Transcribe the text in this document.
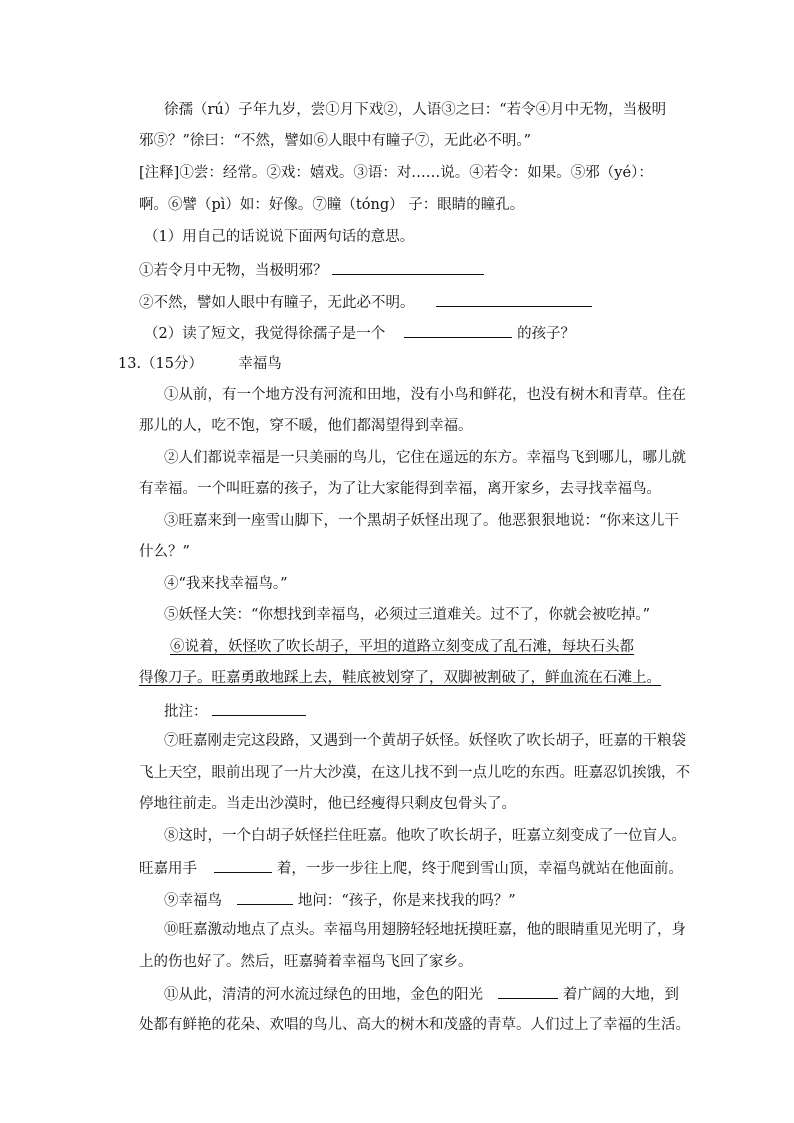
徐孺（rú）子年九岁，尝①月下戏②，人语③之曰：“若令④月中无物，当极明
邪⑤？”徐曰：“不然，譬如⑥人眼中有瞳子⑦，无此必不明。”
[注释]①尝：经常。②戏：嬉戏。③语：对……说。④若令：如果。⑤邪（yé）：
啊。⑥譬（pì）如：好像。⑦瞳（tóng） 子：眼睛的瞳孔。
（1）用自己的话说说下面两句话的意思。
①若令月中无物，当极明邪？
②不然，譬如人眼中有瞳子，无此必不明。
（2）读了短文，我觉得徐孺子是一个	的孩子？
13.（15分） 幸福鸟
①从前，有一个地方没有河流和田地，没有小鸟和鲜花，也没有树木和青草。住在
那儿的人，吃不饱，穿不暖，他们都渴望得到幸福。
②人们都说幸福是一只美丽的鸟儿，它住在遥远的东方。幸福鸟飞到哪儿，哪儿就
有幸福。一个叫旺嘉的孩子，为了让大家能得到幸福，离开家乡，去寻找幸福鸟。
③旺嘉来到一座雪山脚下，一个黑胡子妖怪出现了。他恶狠狠地说：“你来这儿干
什么？”
④“我来找幸福鸟。”
⑤妖怪大笑：“你想找到幸福鸟，必须过三道难关。过不了，你就会被吃掉。”
⑥说着，妖怪吹了吹长胡子，平坦的道路立刻变成了乱石滩，每块石头都
得像刀子。旺嘉勇敢地踩上去，鞋底被划穿了，双脚被割破了，鲜血流在石滩上。
批注：
⑦旺嘉刚走完这段路，又遇到一个黄胡子妖怪。妖怪吹了吹长胡子，旺嘉的干粮袋
飞上天空，眼前出现了一片大沙漠，在这儿找不到一点儿吃的东西。旺嘉忍饥挨饿，不
停地往前走。当走出沙漠时，他已经瘦得只剩皮包骨头了。
⑧这时，一个白胡子妖怪拦住旺嘉。他吹了吹长胡子，旺嘉立刻变成了一位盲人。
旺嘉用手	着，一步一步往上爬，终于爬到雪山顶，幸福鸟就站在他面前。
⑨幸福鸟	地问：“孩子，你是来找我的吗？”
⑩旺嘉激动地点了点头。幸福鸟用翅膀轻轻地抚摸旺嘉，他的眼睛重见光明了，身
上的伤也好了。然后，旺嘉骑着幸福鸟飞回了家乡。
⑪从此，清清的河水流过绿色的田地，金色的阳光	着广阔的大地，到
处都有鲜艳的花朵、欢唱的鸟儿、高大的树木和茂盛的青草。人们过上了幸福的生活。
